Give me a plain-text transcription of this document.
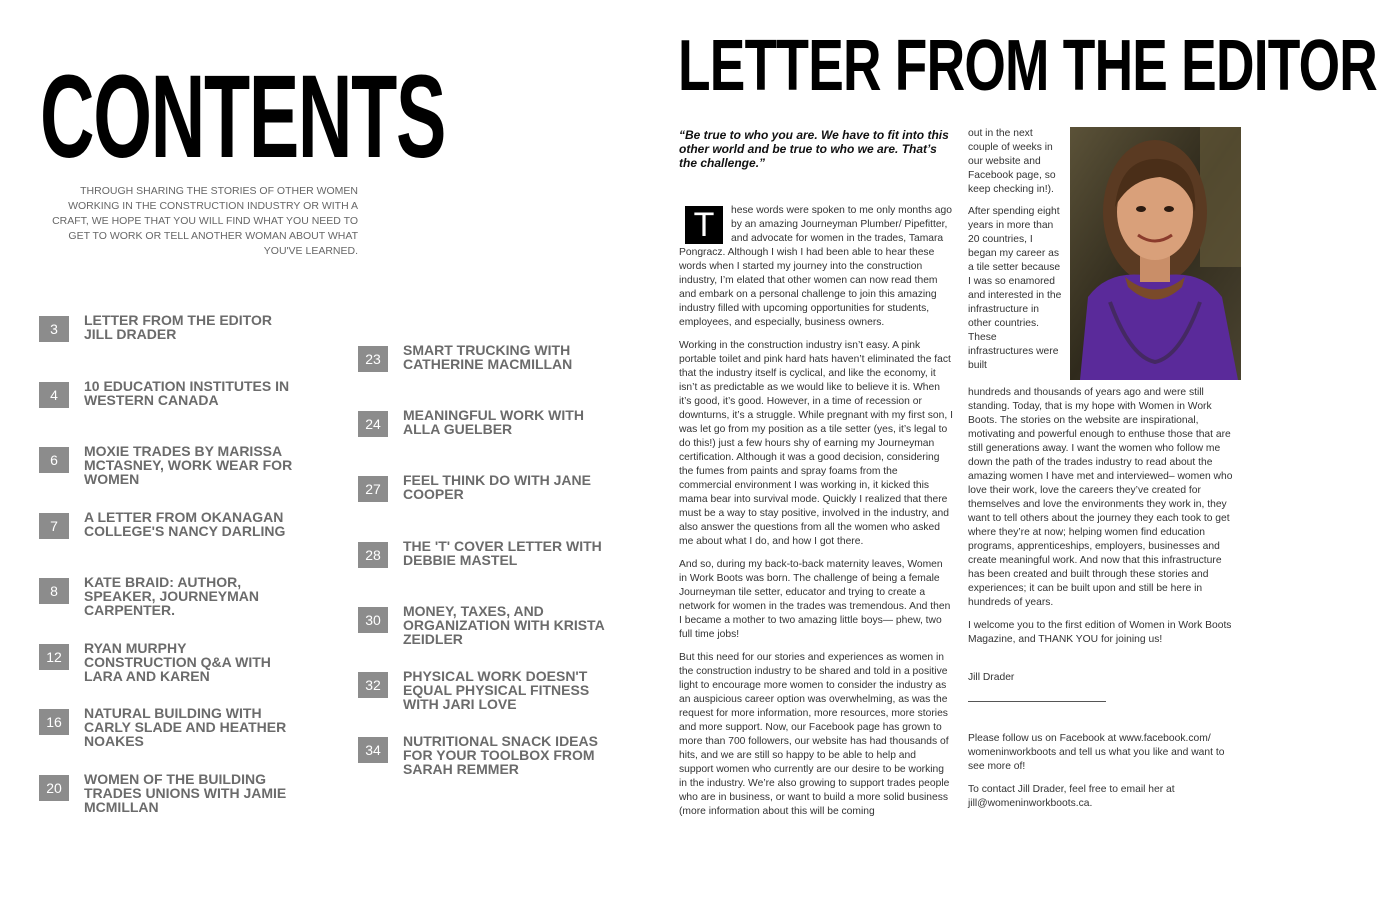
CONTENTS
THROUGH SHARING THE STORIES OF OTHER WOMEN WORKING IN THE CONSTRUCTION INDUSTRY OR WITH A CRAFT, WE HOPE THAT YOU WILL FIND WHAT YOU NEED TO GET TO WORK OR TELL ANOTHER WOMAN ABOUT WHAT YOU'VE LEARNED.
3
LETTER FROM THE EDITOR JILL DRADER
4
10 EDUCATION INSTITUTES IN WESTERN CANADA
6
MOXIE TRADES BY MARISSA MCTASNEY, WORK WEAR FOR WOMEN
7
A LETTER FROM OKANAGAN COLLEGE'S NANCY DARLING
8
KATE BRAID: AUTHOR, SPEAKER, JOURNEYMAN CARPENTER.
12
RYAN MURPHY CONSTRUCTION Q&A WITH LARA AND KAREN
16
NATURAL BUILDING WITH CARLY SLADE AND HEATHER NOAKES
20
WOMEN OF THE BUILDING TRADES UNIONS WITH JAMIE MCMILLAN
23
SMART TRUCKING WITH CATHERINE MACMILLAN
24
MEANINGFUL WORK WITH ALLA GUELBER
27
FEEL THINK DO WITH JANE COOPER
28
THE 'T' COVER LETTER WITH DEBBIE MASTEL
30
MONEY, TAXES, AND ORGANIZATION WITH KRISTA ZEIDLER
32
PHYSICAL WORK DOESN'T EQUAL PHYSICAL FITNESS WITH JARI LOVE
34
NUTRITIONAL SNACK IDEAS FOR YOUR TOOLBOX FROM SARAH REMMER
LETTER FROM THE EDITOR
“Be true to who you are. We have to fit into this other world and be true to who we are. That’s the challenge.”

T	hese words were spoken to me only months ago by an amazing Journeyman Plumber/ Pipefitter, and advocate for women in the trades, Tamara Pongracz. Although I wish I had been able to hear these words when I started my journey into the construction industry, I’m elated that other women can now read them and embark on a personal challenge to join this amazing industry filled with upcoming opportunities for students, employees, and especially, business owners.

Working in the construction industry isn’t easy. A pink portable toilet and pink hard hats haven’t eliminated the fact that the industry itself is cyclical, and like the economy, it isn’t as predictable as we would like to believe it is. When it’s good, it’s good. However, in a time of recession or downturns, it’s a struggle. While pregnant with my first son, I was let go from my position as a tile setter (yes, it’s legal to do this!) just a few hours shy of earning my Journeyman certification. Although it was a good decision, considering the fumes from paints and spray foams from the commercial environment I was working in, it kicked this mama bear into survival mode. Quickly I realized that there must be a way to stay positive, involved in the industry, and also answer the questions from all the women who asked me about what I do, and how I got there.

And so, during my back-to-back maternity leaves, Women in Work Boots was born. The challenge of being a female Journeyman tile setter, educator and trying to create a network for women in the trades was tremendous. And then I became a mother to two amazing little boys— phew, two full time jobs!

But this need for our stories and experiences as women in the construction industry to be shared and told in a positive light to encourage more women to consider the industry as an auspicious career option was overwhelming, as was the request for more information, more resources, more stories and more support. Now, our Facebook page has grown to more than 700 followers, our website has had thousands of hits, and we are still so happy to be able to help and support women who currently are our desire to be working in the industry. We’re also growing to support trades people who are in business, or want to build a more solid business (more information about this will be coming

out in the next couple of weeks in our website and Facebook page, so keep checking in!).

After spending eight years in more than 20 countries, I began my career as a tile setter because I was so enamored and interested in the infrastructure in other countries. These infrastructures were built

hundreds and thousands of years ago and were still standing. Today, that is my hope with Women in Work Boots. The stories on the website are inspirational, motivating and powerful enough to enthuse those that are still generations away. I want the women who follow me down the path of the trades industry to read about the amazing women I have met and interviewed– women who love their work, love the careers they’ve created for themselves and love the environments they work in, they want to tell others about the journey they each took to get where they’re at now; helping women find education programs, apprenticeships, employers, businesses and create meaningful work. And now that this infrastructure has been created and built through these stories and experiences; it can be built upon and still be here in hundreds of years.

I welcome you to the first edition of Women in Work Boots Magazine, and THANK YOU for joining us!

Jill Drader

Please follow us on Facebook at www.facebook.com/ womeninworkboots and tell us what you like and want to see more of!

To contact Jill Drader, feel free to email her at jill@womeninworkboots.ca.
